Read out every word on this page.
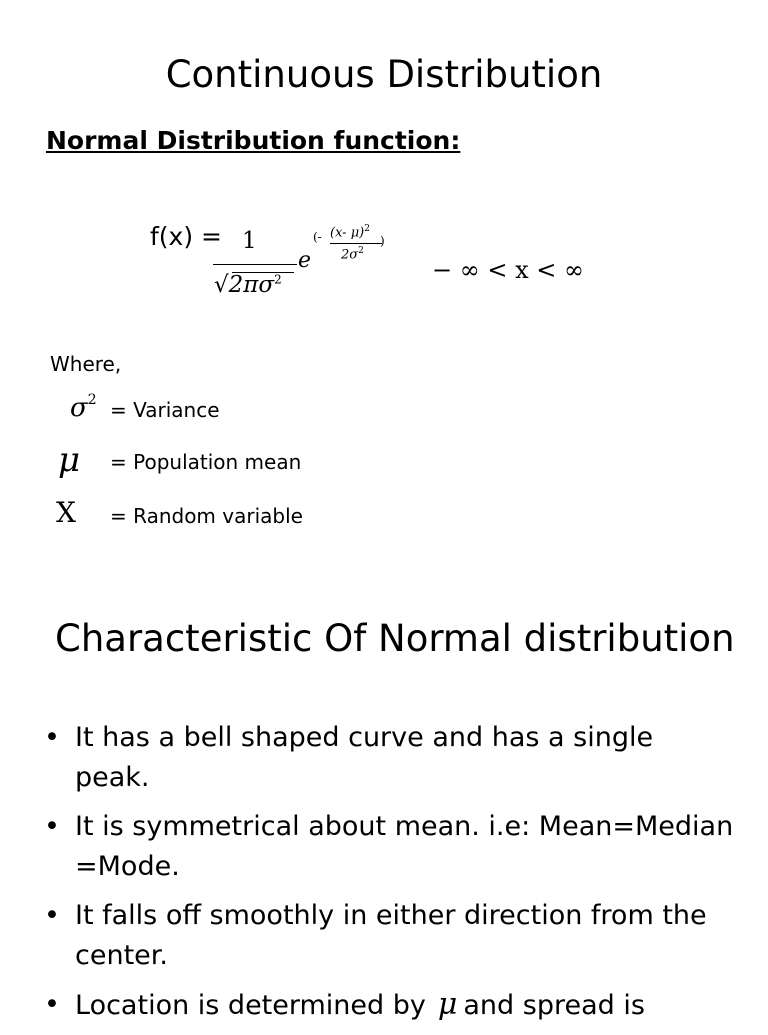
Continuous Distribution
Normal Distribution function:
f(x) = 1
$√2\pi\sigma^2$
e
(- (x- μ)$^2$
$2\sigma^2$
)
− ∞ < x < ∞
Where,
$\sigma^2$ = Variance
μ = Population mean
X = Random variable
Characteristic Of Normal distribution
• It has a bell shaped curve and has a single peak.
• It is symmetrical about mean. i.e: Mean=Median =Mode.
• It falls off smoothly in either direction from the center.
• Location is determined by μ and spread is
